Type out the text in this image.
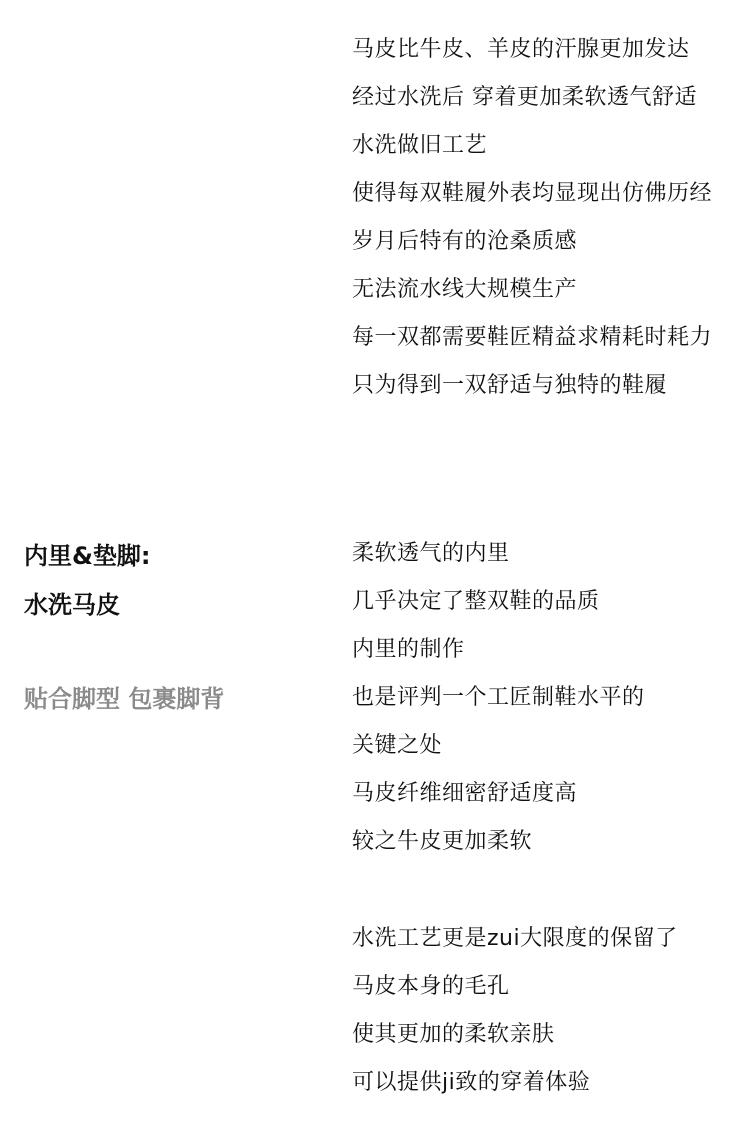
马皮比牛皮、羊皮的汗腺更加发达
经过水洗后 穿着更加柔软透气舒适
水洗做旧工艺
使得每双鞋履外表均显现出仿佛历经
岁月后特有的沧桑质感
无法流水线大规模生产
每一双都需要鞋匠精益求精耗时耗力
只为得到一双舒适与独特的鞋履
内里&垫脚:
水洗马皮
贴合脚型 包裹脚背
柔软透气的内里
几乎决定了整双鞋的品质
内里的制作
也是评判一个工匠制鞋水平的
关键之处
马皮纤维细密舒适度高
较之牛皮更加柔软
水洗工艺更是zui大限度的保留了
马皮本身的毛孔
使其更加的柔软亲肤
可以提供ji致的穿着体验
